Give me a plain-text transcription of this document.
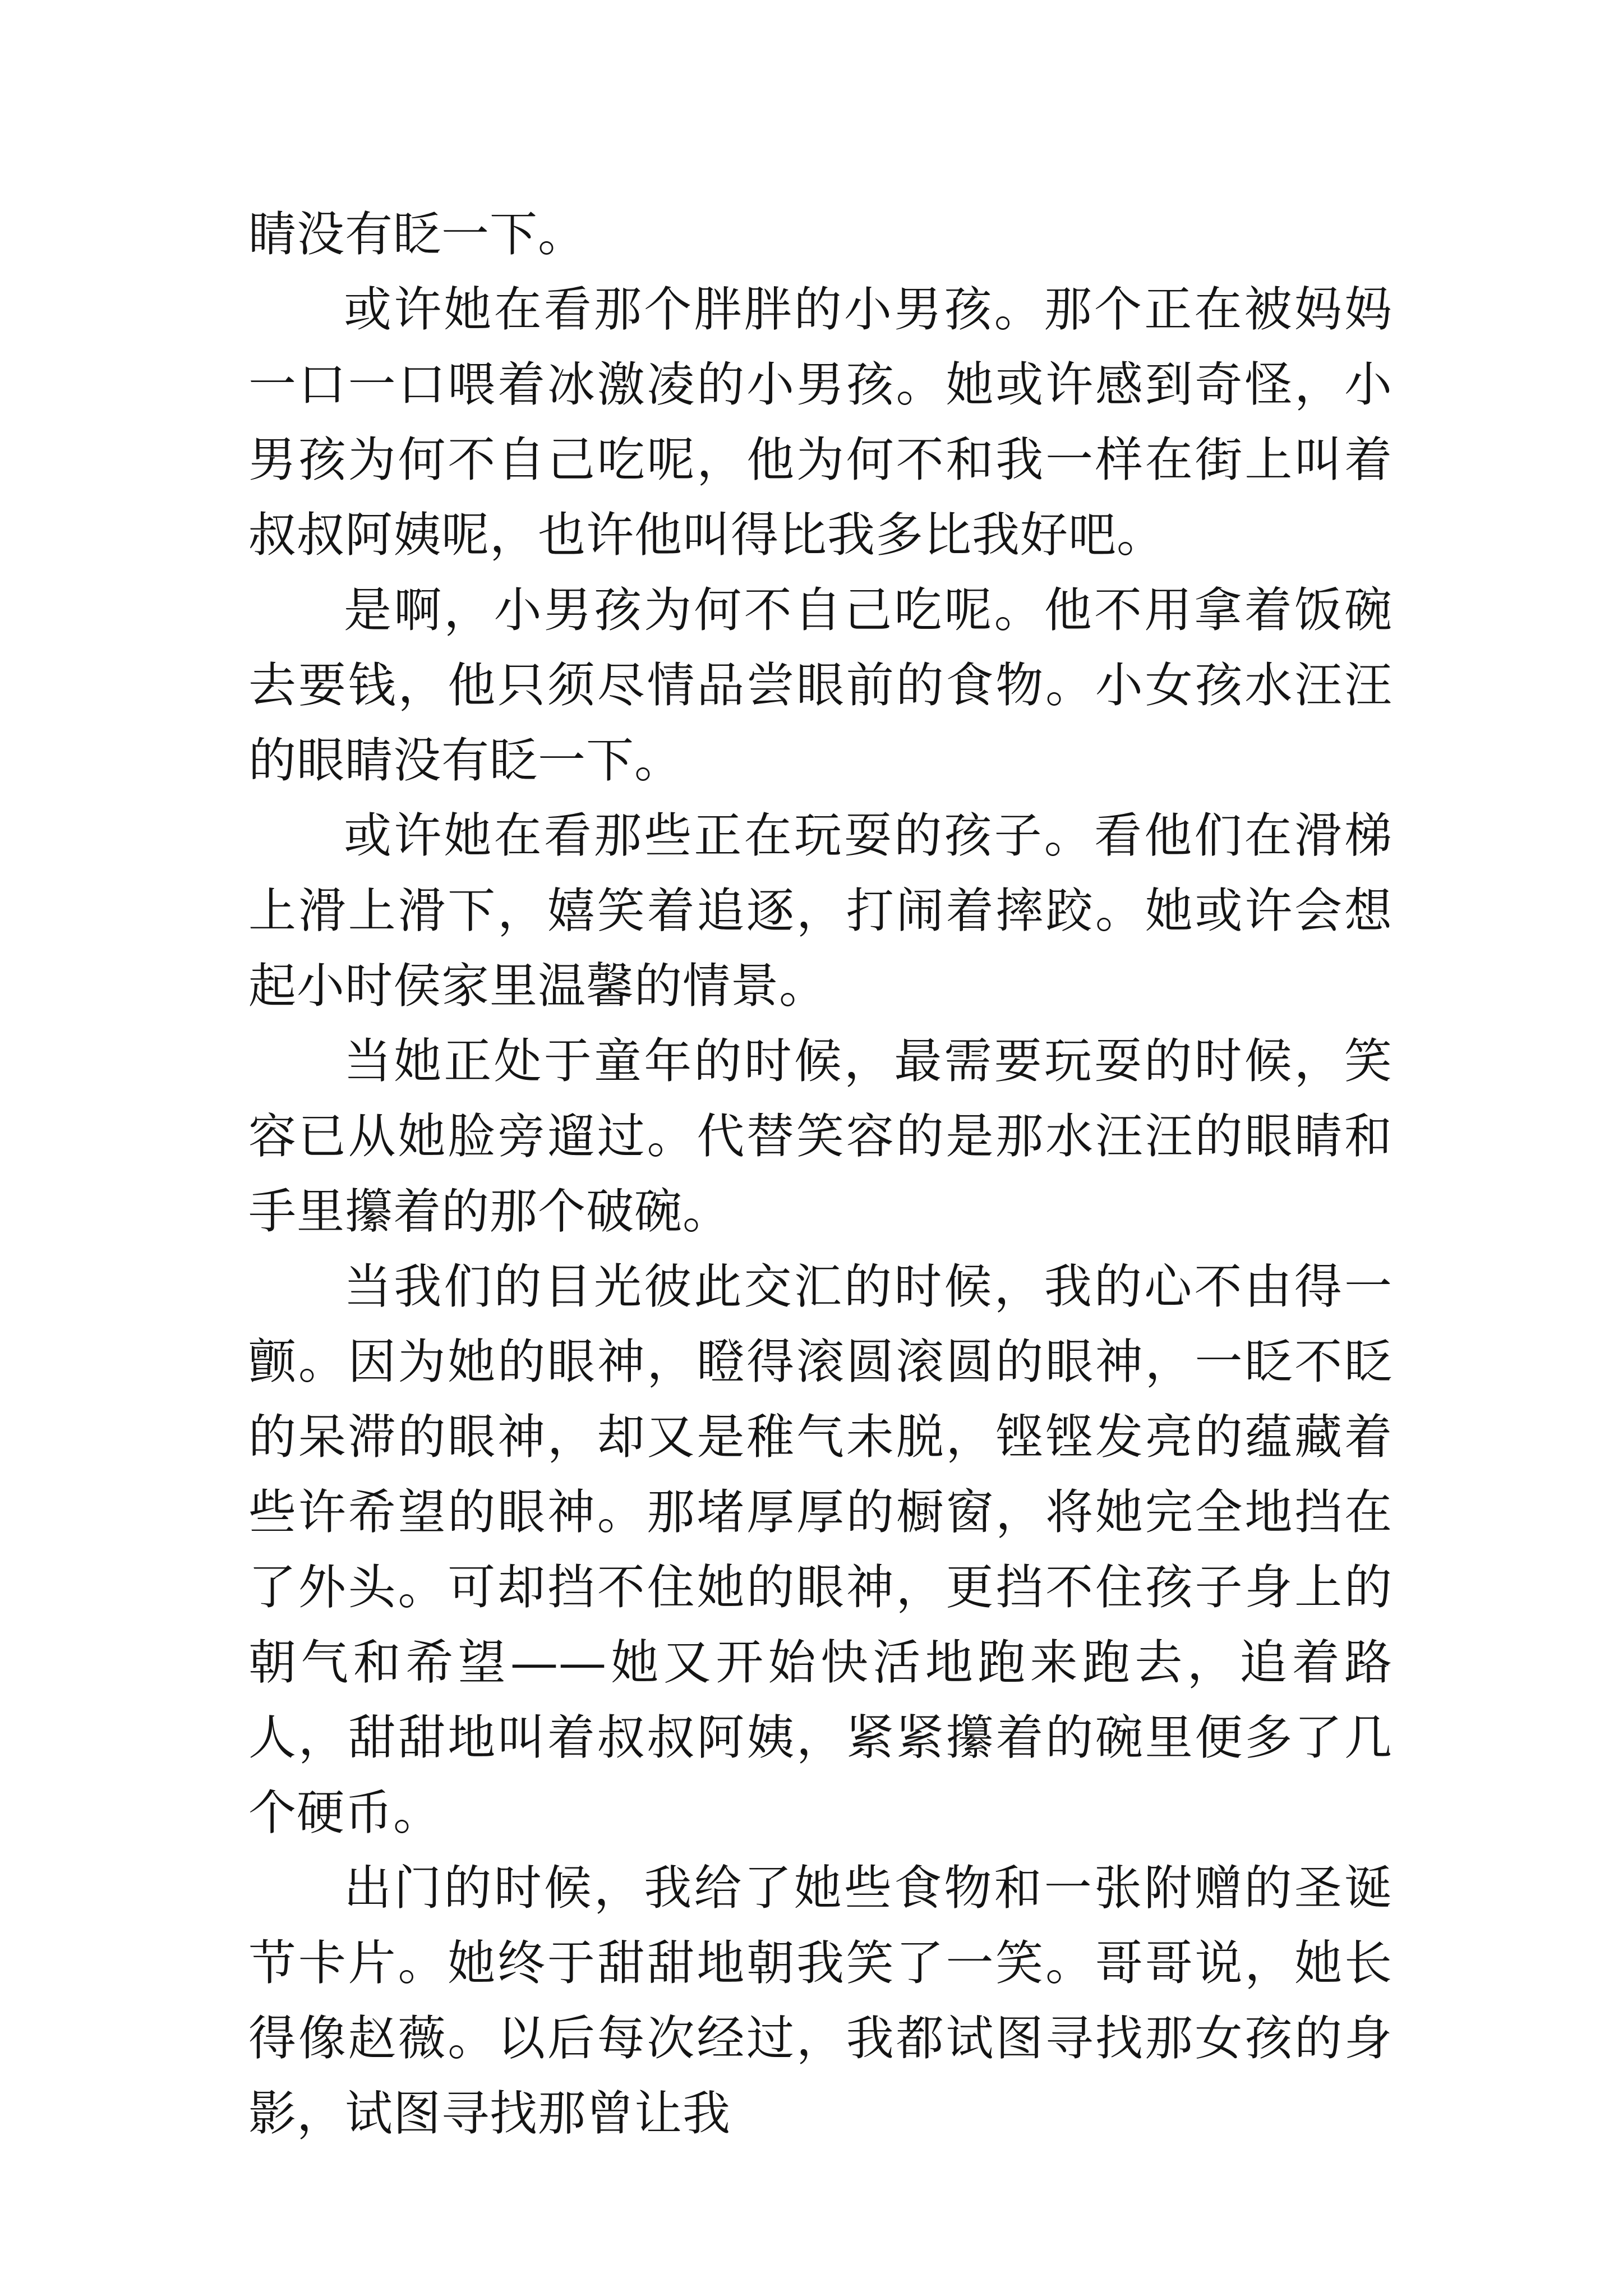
睛没有眨一下。

或许她在看那个胖胖的小男孩。那个正在被妈妈一口一口喂着冰激凌的小男孩。她或许感到奇怪，小男孩为何不自己吃呢，他为何不和我一样在街上叫着叔叔阿姨呢，也许他叫得比我多比我好吧。

是啊，小男孩为何不自己吃呢。他不用拿着饭碗去要钱，他只须尽情品尝眼前的食物。小女孩水汪汪的眼睛没有眨一下。

或许她在看那些正在玩耍的孩子。看他们在滑梯上滑上滑下，嬉笑着追逐，打闹着摔跤。她或许会想起小时侯家里温馨的情景。

当她正处于童年的时候，最需要玩耍的时候，笑容已从她脸旁遛过。代替笑容的是那水汪汪的眼睛和手里攥着的那个破碗。

当我们的目光彼此交汇的时候，我的心不由得一颤。因为她的眼神，瞪得滚圆滚圆的眼神，一眨不眨的呆滞的眼神，却又是稚气未脱，铿铿发亮的蕴藏着些许希望的眼神。那堵厚厚的橱窗，将她完全地挡在了外头。可却挡不住她的眼神，更挡不住孩子身上的朝气和希望——她又开始快活地跑来跑去，追着路人，甜甜地叫着叔叔阿姨，紧紧攥着的碗里便多了几个硬币。

出门的时候，我给了她些食物和一张附赠的圣诞节卡片。她终于甜甜地朝我笑了一笑。哥哥说，她长得像赵薇。以后每次经过，我都试图寻找那女孩的身影，试图寻找那曾让我
